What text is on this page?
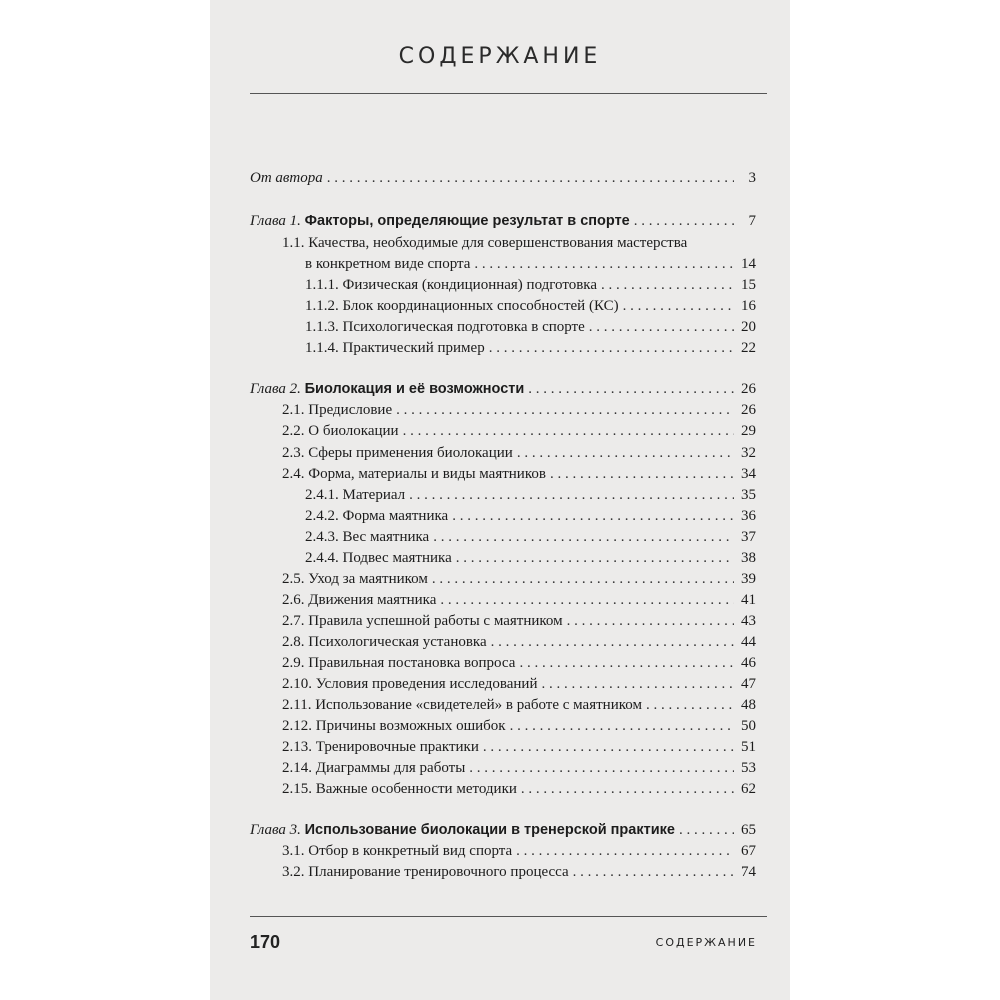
СОДЕРЖАНИЕ
От автора . . .	3
Глава 1. Факторы, определяющие результат в спорте . . .	7
1.1. Качества, необходимые для совершенствования мастерства
в конкретном виде спорта . . .	14
1.1.1. Физическая (кондиционная) подготовка . . .	15
1.1.2. Блок координационных способностей (КС) . . .	16
1.1.3. Психологическая подготовка в спорте . . .	20
1.1.4. Практический пример . . .	22
Глава 2. Биолокация и её возможности . . .	26
2.1. Предисловие . . .	26
2.2. О биолокации . . .	29
2.3. Сферы применения биолокации . . .	32
2.4. Форма, материалы и виды маятников . . .	34
2.4.1. Материал . . .	35
2.4.2. Форма маятника . . .	36
2.4.3. Вес маятника . . .	37
2.4.4. Подвес маятника . . .	38
2.5. Уход за маятником . . .	39
2.6. Движения маятника . . .	41
2.7. Правила успешной работы с маятником . . .	43
2.8. Психологическая установка . . .	44
2.9. Правильная постановка вопроса . . .	46
2.10. Условия проведения исследований . . .	47
2.11. Использование «свидетелей» в работе с маятником . . .	48
2.12. Причины возможных ошибок . . .	50
2.13. Тренировочные практики . . .	51
2.14. Диаграммы для работы . . .	53
2.15. Важные особенности методики . . .	62
Глава 3. Использование биолокации в тренерской практике . . .	65
3.1. Отбор в конкретный вид спорта . . .	67
3.2. Планирование тренировочного процесса . . .	74
170	СОДЕРЖАНИЕ
